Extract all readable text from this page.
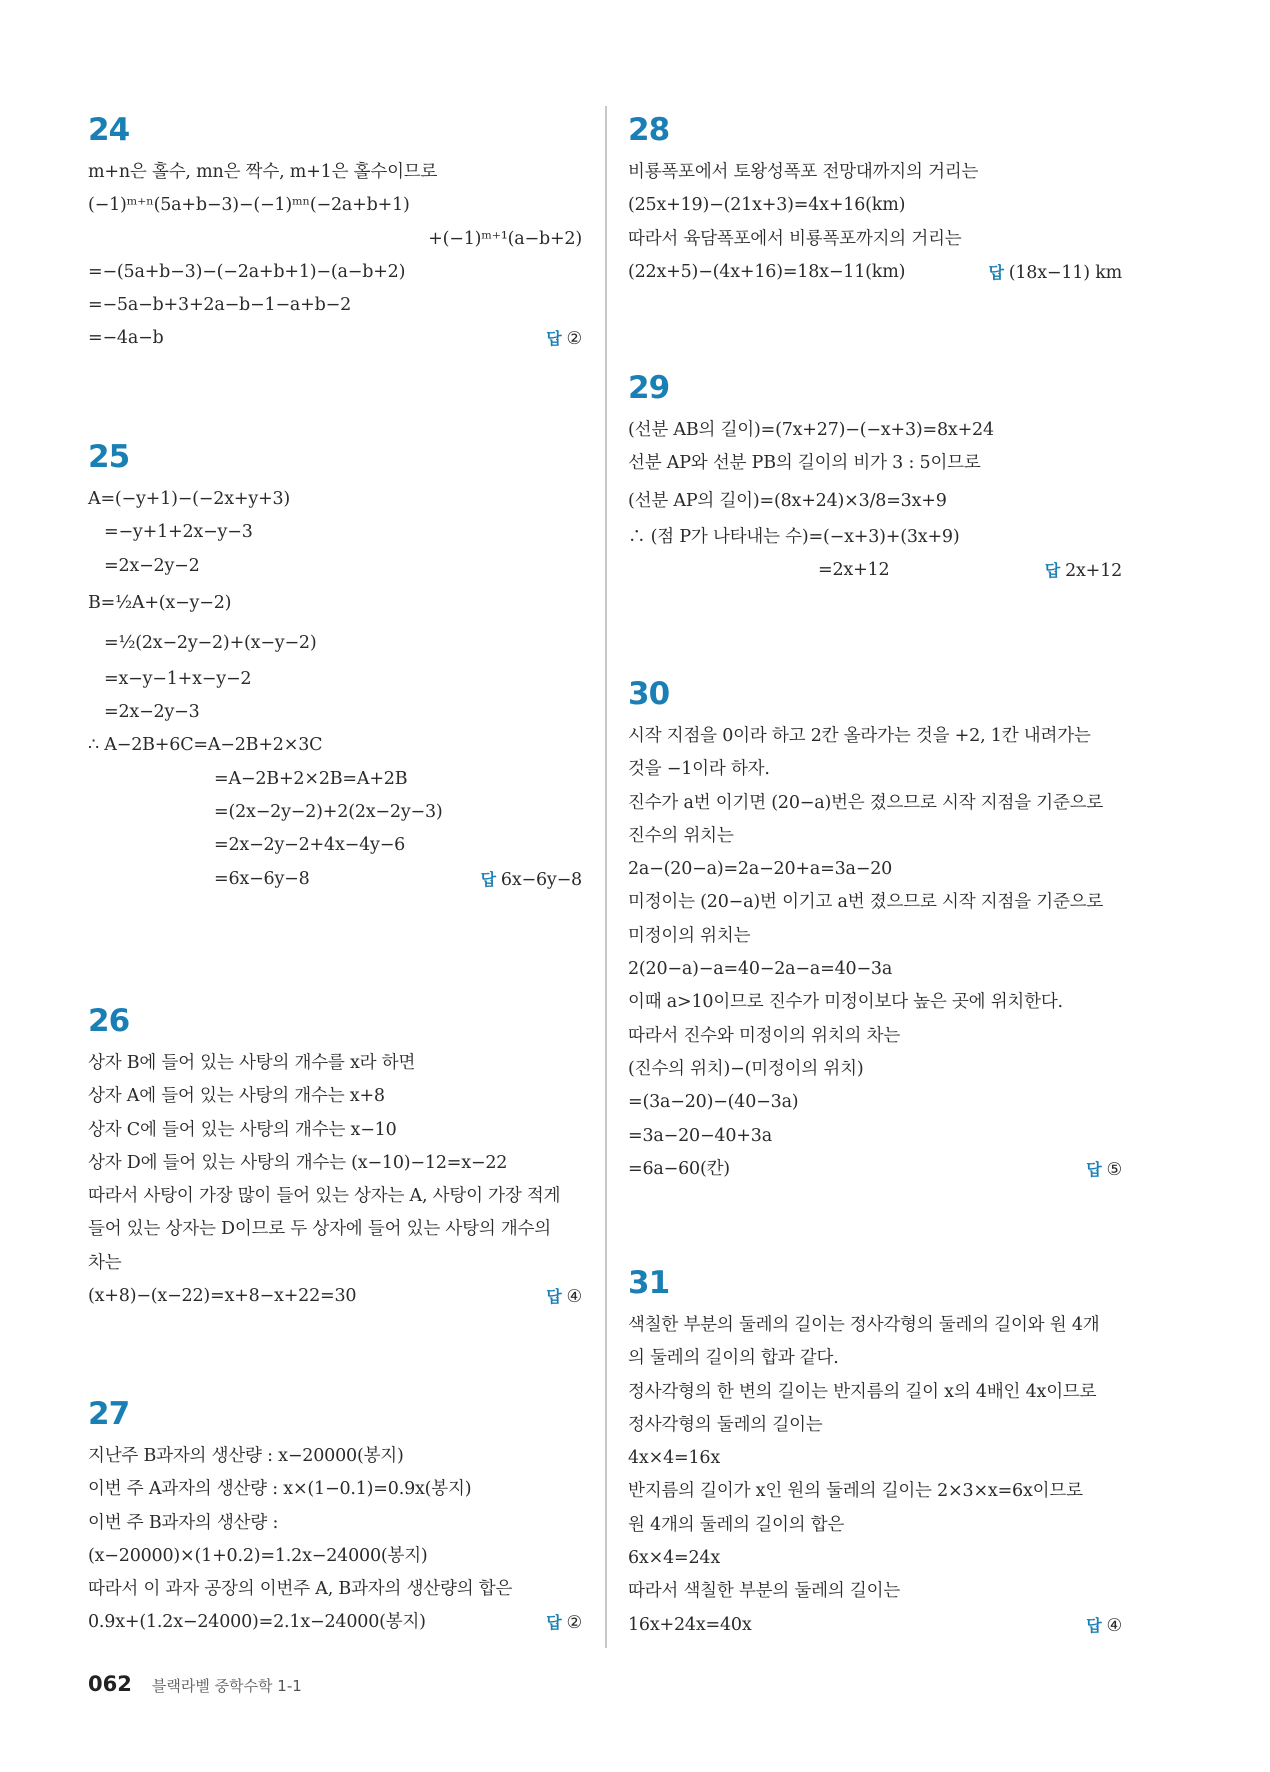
24
m+n은 홀수, mn은 짝수, m+1은 홀수이므로
(−1)ᵐ⁺ⁿ(5a+b−3)−(−1)ᵐⁿ(−2a+b+1)
+(−1)ᵐ⁺¹(a−b+2)
=−(5a+b−3)−(−2a+b+1)−(a−b+2)
=−5a−b+3+2a−b−1−a+b−2
=−4a−b	답 ②
25
A=(−y+1)−(−2x+y+3)
=−y+1+2x−y−3
=2x−2y−2
B=½A+(x−y−2)
=½(2x−2y−2)+(x−y−2)
=x−y−1+x−y−2
=2x−2y−3
∴ A−2B+6C=A−2B+2×3C
=A−2B+2×2B=A+2B
=(2x−2y−2)+2(2x−2y−3)
=2x−2y−2+4x−4y−6
=6x−6y−8	답 6x−6y−8
26
상자 B에 들어 있는 사탕의 개수를 x라 하면
상자 A에 들어 있는 사탕의 개수는 x+8
상자 C에 들어 있는 사탕의 개수는 x−10
상자 D에 들어 있는 사탕의 개수는 (x−10)−12=x−22
따라서 사탕이 가장 많이 들어 있는 상자는 A, 사탕이 가장 적게
들어 있는 상자는 D이므로 두 상자에 들어 있는 사탕의 개수의
차는
(x+8)−(x−22)=x+8−x+22=30	답 ④
27
지난주 B과자의 생산량 : x−20000(봉지)
이번 주 A과자의 생산량 : x×(1−0.1)=0.9x(봉지)
이번 주 B과자의 생산량 :
(x−20000)×(1+0.2)=1.2x−24000(봉지)
따라서 이 과자 공장의 이번주 A, B과자의 생산량의 합은
0.9x+(1.2x−24000)=2.1x−24000(봉지)	답 ②
28
비룡폭포에서 토왕성폭포 전망대까지의 거리는
(25x+19)−(21x+3)=4x+16(km)
따라서 육담폭포에서 비룡폭포까지의 거리는
(22x+5)−(4x+16)=18x−11(km)	답 (18x−11) km
29
(선분 AB의 길이)=(7x+27)−(−x+3)=8x+24
선분 AP와 선분 PB의 길이의 비가 3 : 5이므로
(선분 AP의 길이)=(8x+24)×3/8=3x+9
∴ (점 P가 나타내는 수)=(−x+3)+(3x+9)
=2x+12	답 2x+12
30
시작 지점을 0이라 하고 2칸 올라가는 것을 +2, 1칸 내려가는
것을 −1이라 하자.
진수가 a번 이기면 (20−a)번은 졌으므로 시작 지점을 기준으로
진수의 위치는
2a−(20−a)=2a−20+a=3a−20
미정이는 (20−a)번 이기고 a번 졌으므로 시작 지점을 기준으로
미정이의 위치는
2(20−a)−a=40−2a−a=40−3a
이때 a>10이므로 진수가 미정이보다 높은 곳에 위치한다.
따라서 진수와 미정이의 위치의 차는
(진수의 위치)−(미정이의 위치)
=(3a−20)−(40−3a)
=3a−20−40+3a
=6a−60(칸)	답 ⑤
31
색칠한 부분의 둘레의 길이는 정사각형의 둘레의 길이와 원 4개
의 둘레의 길이의 합과 같다.
정사각형의 한 변의 길이는 반지름의 길이 x의 4배인 4x이므로
정사각형의 둘레의 길이는
4x×4=16x
반지름의 길이가 x인 원의 둘레의 길이는 2×3×x=6x이므로
원 4개의 둘레의 길이의 합은
6x×4=24x
따라서 색칠한 부분의 둘레의 길이는
16x+24x=40x	답 ④
062 블랙라벨 중학수학 1-1
